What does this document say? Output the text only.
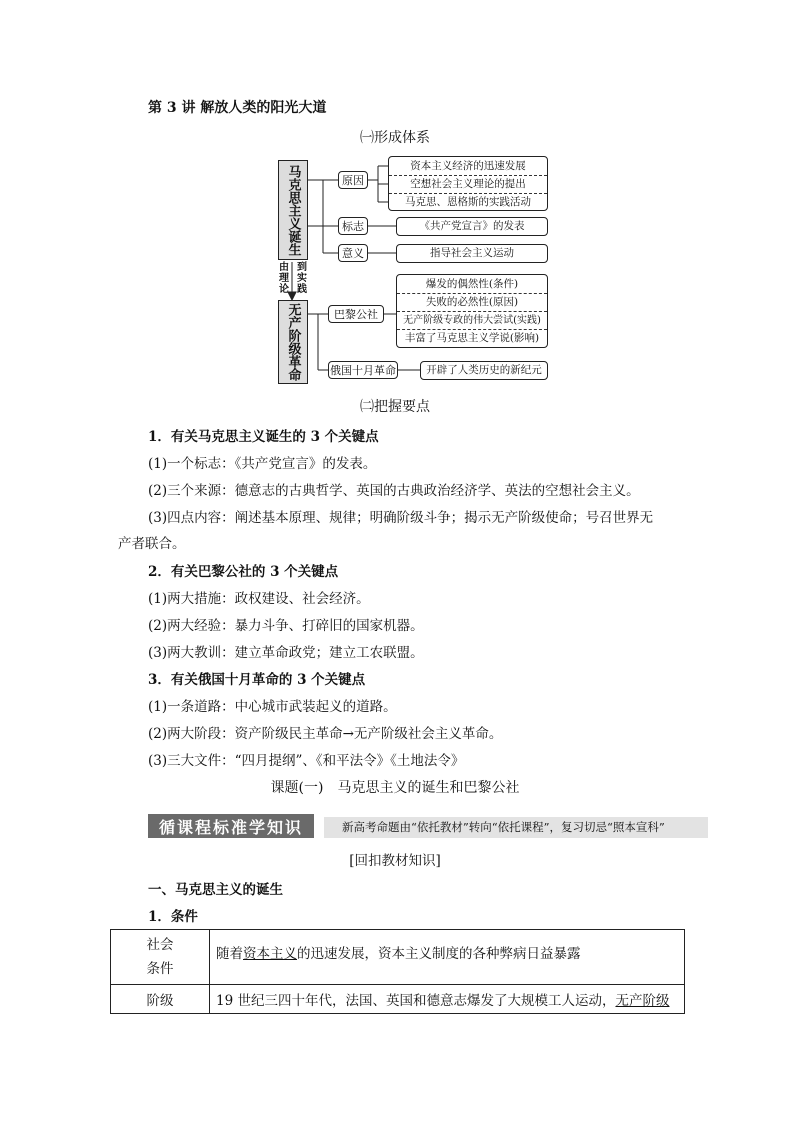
第 3 讲 解放人类的阳光大道
㈠形成体系
马克思主义诞生
由理论
到实践
无产阶级革命
原因
标志
意义
资本主义经济的迅速发展
空想社会主义理论的提出
马克思、恩格斯的实践活动
《共产党宣言》的发表
指导社会主义运动
巴黎公社
爆发的偶然性(条件)
失败的必然性(原因)
无产阶级专政的伟大尝试(实践)
丰富了马克思主义学说(影响)
俄国十月革命	开辟了人类历史的新纪元
㈡把握要点
1．有关马克思主义诞生的 3 个关键点
(1)一个标志：《共产党宣言》的发表。
(2)三个来源：德意志的古典哲学、英国的古典政治经济学、英法的空想社会主义。
(3)四点内容：阐述基本原理、规律；明确阶级斗争；揭示无产阶级使命；号召世界无
产者联合。
2．有关巴黎公社的 3 个关键点
(1)两大措施：政权建设、社会经济。
(2)两大经验：暴力斗争、打碎旧的国家机器。
(3)两大教训：建立革命政党；建立工农联盟。
3．有关俄国十月革命的 3 个关键点
(1)一条道路：中心城市武装起义的道路。
(2)两大阶段：资产阶级民主革命→无产阶级社会主义革命。
(3)三大文件：“四月提纲”、《和平法令》《土地法令》
课题(一)　马克思主义的诞生和巴黎公社
循课程标准学知识	新高考命题由“依托教材”转向“依托课程”，复习切忌“照本宣科”
[回扣教材知识]
一、马克思主义的诞生
1．条件
社会
条件	随着资本主义的迅速发展，资本主义制度的各种弊病日益暴露

阶级	19 世纪三四十年代，法国、英国和德意志爆发了大规模工人运动，无产阶级
